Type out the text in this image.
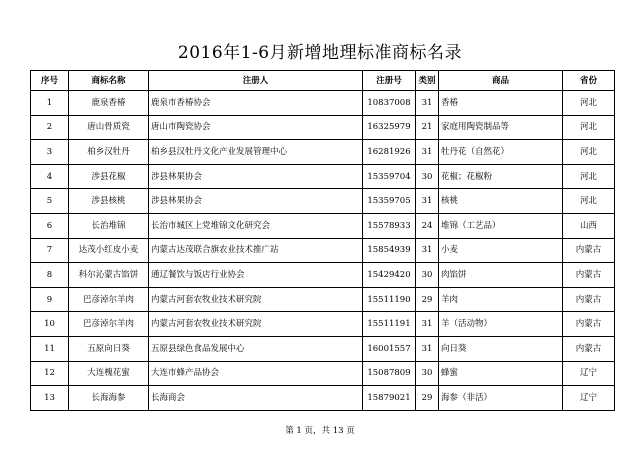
2016年1-6月新增地理标准商标名录
序号	商标名称	注册人	注册号	类别	商品	省份
1	鹿泉香椿	鹿泉市香椿协会	10837008	31	香椿	河北
2	唐山骨质瓷	唐山市陶瓷协会	16325979	21	家庭用陶瓷制品等	河北
3	柏乡汉牡丹	柏乡县汉牡丹文化产业发展管理中心	16281926	31	牡丹花（自然花）	河北
4	涉县花椒	涉县林果协会	15359704	30	花椒；花椒粉	河北
5	涉县核桃	涉县林果协会	15359705	31	核桃	河北
6	长治堆锦	长治市城区上党堆锦文化研究会	15578933	24	堆锦（工艺品）	山西
7	达茂小红皮小麦	内蒙古达茂联合旗农业技术推广站	15854939	31	小麦	内蒙古
8	科尔沁蒙古馅饼	通辽餐饮与饭店行业协会	15429420	30	肉馅饼	内蒙古
9	巴彦淖尔羊肉	内蒙古河套农牧业技术研究院	15511190	29	羊肉	内蒙古
10	巴彦淖尔羊肉	内蒙古河套农牧业技术研究院	15511191	31	羊（活动物）	内蒙古
11	五原向日葵	五原县绿色食品发展中心	16001557	31	向日葵	内蒙古
12	大连槐花蜜	大连市蜂产品协会	15087809	30	蜂蜜	辽宁
13	长海海参	长海商会	15879021	29	海参（非活）	辽宁
第 1 页，共 13 页
